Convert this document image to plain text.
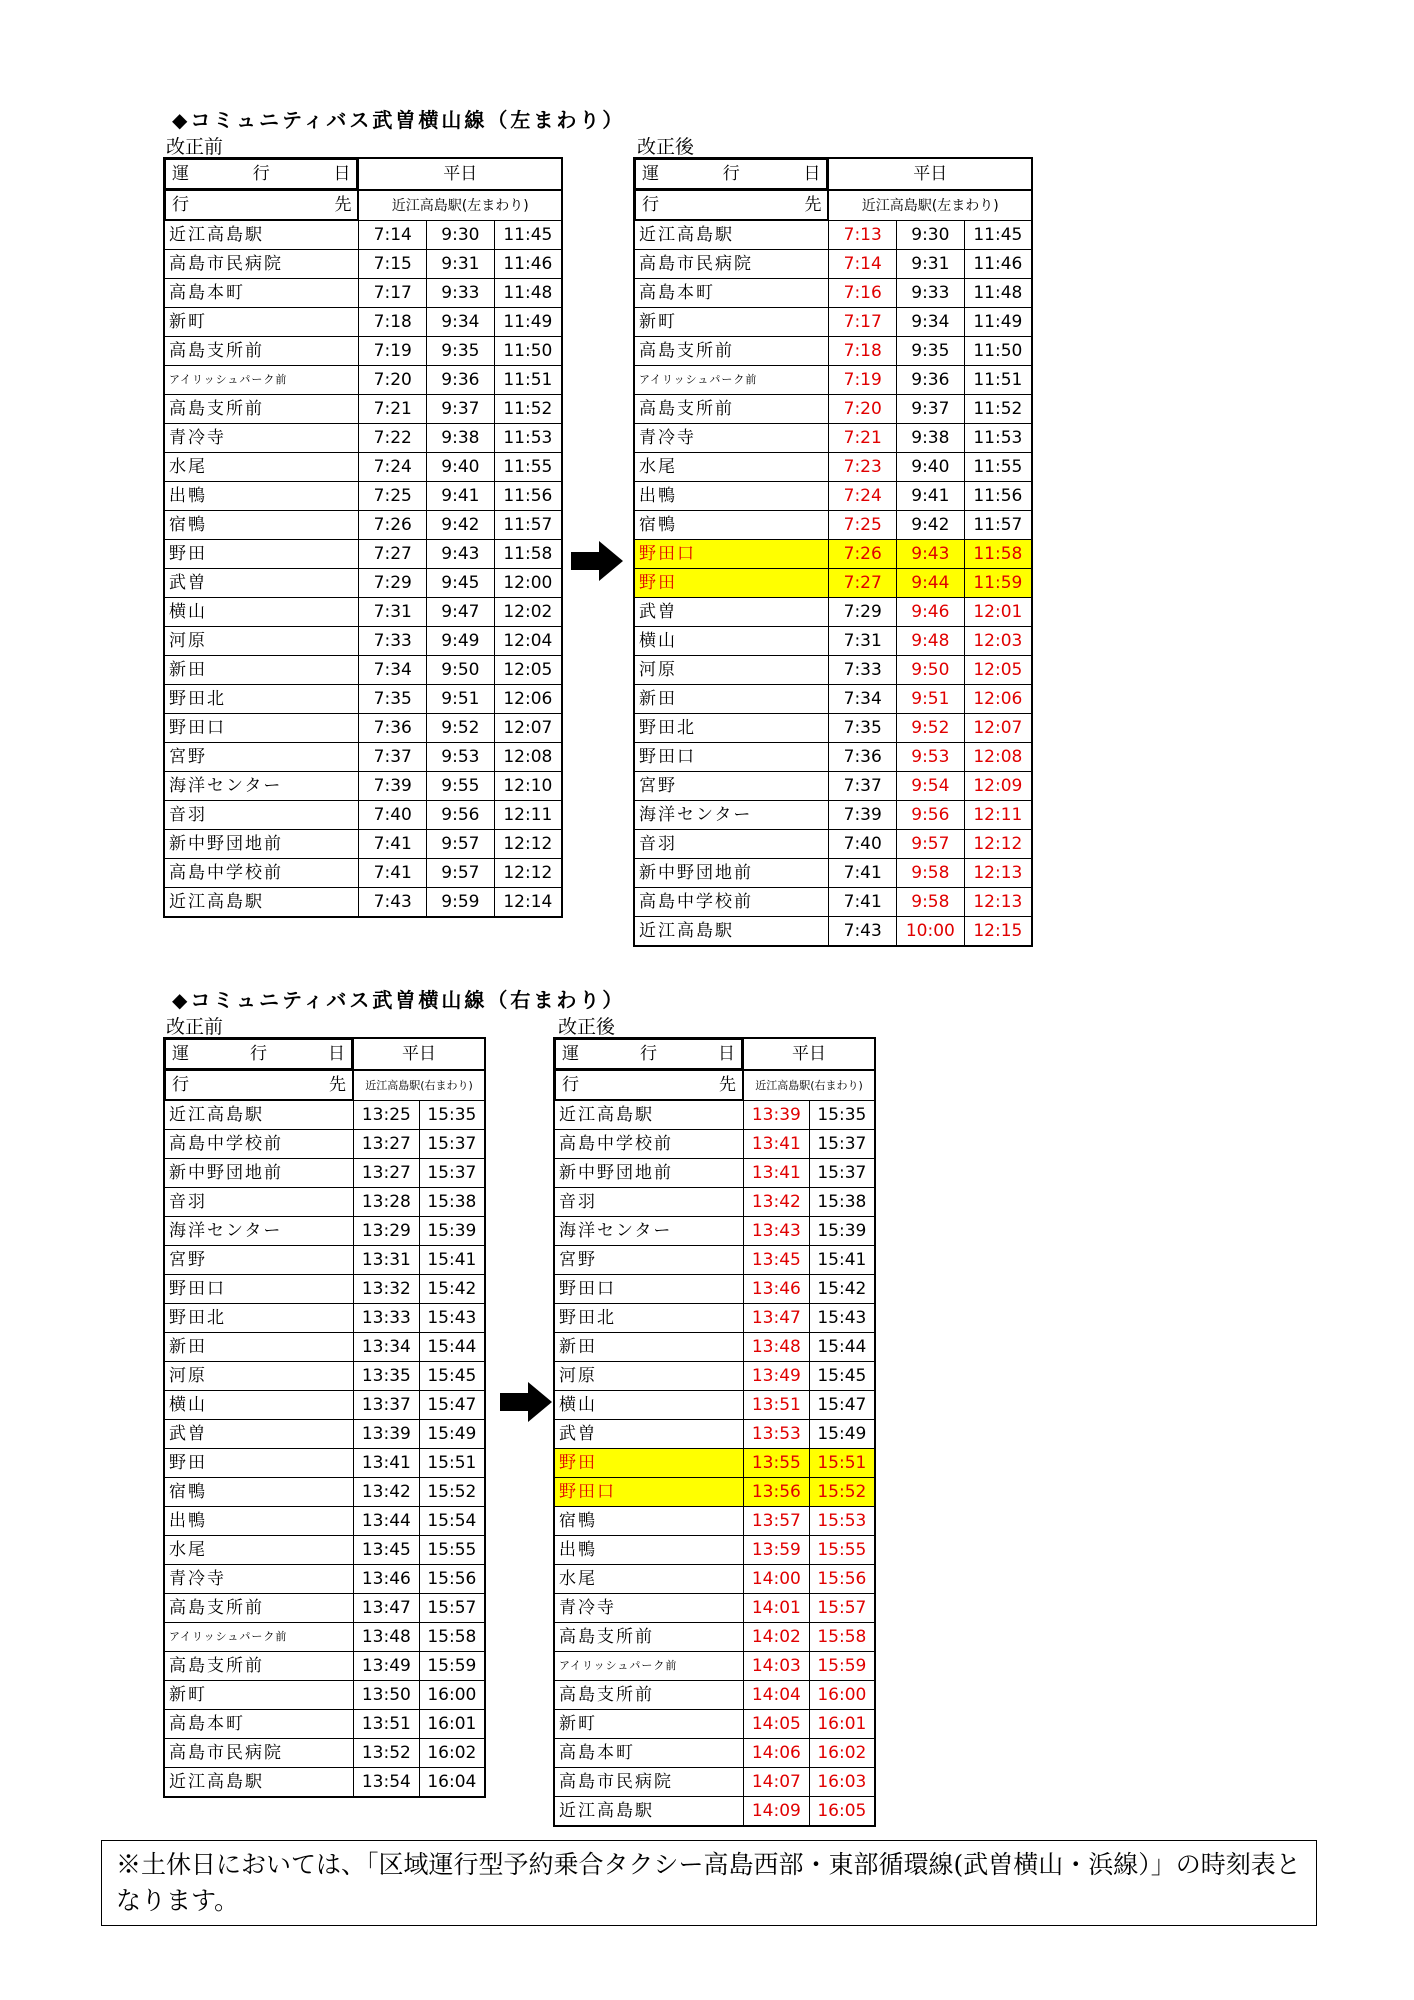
◆コミュニティバス武曽横山線（左まわり）
改正前	改正後
運	行	日	平日		

行	先	近江高島駅(左まわり)		
近江高島駅	7:14	9:30	11:45
高島市民病院	7:15	9:31	11:46
高島本町	7:17	9:33	11:48
新町	7:18	9:34	11:49
高島支所前	7:19	9:35	11:50
アイリッシュパーク前	7:20	9:36	11:51
高島支所前	7:21	9:37	11:52
青冷寺	7:22	9:38	11:53
水尾	7:24	9:40	11:55
出鴨	7:25	9:41	11:56
宿鴨	7:26	9:42	11:57
野田	7:27	9:43	11:58
武曽	7:29	9:45	12:00
横山	7:31	9:47	12:02
河原	7:33	9:49	12:04
新田	7:34	9:50	12:05
野田北	7:35	9:51	12:06
野田口	7:36	9:52	12:07
宮野	7:37	9:53	12:08
海洋センター	7:39	9:55	12:10
音羽	7:40	9:56	12:11
新中野団地前	7:41	9:57	12:12
高島中学校前	7:41	9:57	12:12
近江高島駅	7:43	9:59	12:14
運	行	日	平日		

行	先	近江高島駅(左まわり)		
近江高島駅	7:13	9:30	11:45
高島市民病院	7:14	9:31	11:46
高島本町	7:16	9:33	11:48
新町	7:17	9:34	11:49
高島支所前	7:18	9:35	11:50
アイリッシュパーク前	7:19	9:36	11:51
高島支所前	7:20	9:37	11:52
青冷寺	7:21	9:38	11:53
水尾	7:23	9:40	11:55
出鴨	7:24	9:41	11:56
宿鴨	7:25	9:42	11:57
野田口	7:26	9:43	11:58
野田	7:27	9:44	11:59
武曽	7:29	9:46	12:01
横山	7:31	9:48	12:03
河原	7:33	9:50	12:05
新田	7:34	9:51	12:06
野田北	7:35	9:52	12:07
野田口	7:36	9:53	12:08
宮野	7:37	9:54	12:09
海洋センター	7:39	9:56	12:11
音羽	7:40	9:57	12:12
新中野団地前	7:41	9:58	12:13
高島中学校前	7:41	9:58	12:13
近江高島駅	7:43	10:00	12:15
◆コミュニティバス武曽横山線（右まわり）
改正前	改正後
運	行	日	平日	

行	先 近江高島駅(右まわり)	
近江高島駅	13:25	15:35
高島中学校前	13:27	15:37
新中野団地前	13:27	15:37
音羽	13:28	15:38
海洋センター	13:29	15:39
宮野	13:31	15:41
野田口	13:32	15:42
野田北	13:33	15:43
新田	13:34	15:44
河原	13:35	15:45
横山	13:37	15:47
武曽	13:39	15:49
野田	13:41	15:51
宿鴨	13:42	15:52
出鴨	13:44	15:54
水尾	13:45	15:55
青冷寺	13:46	15:56
高島支所前	13:47	15:57
アイリッシュパーク前	13:48	15:58
高島支所前	13:49	15:59
新町	13:50	16:00
高島本町	13:51	16:01
高島市民病院	13:52	16:02
近江高島駅	13:54	16:04
運	行	日	平日	

行	先 近江高島駅(右まわり)	
近江高島駅	13:39	15:35
高島中学校前	13:41	15:37
新中野団地前	13:41	15:37
音羽	13:42	15:38
海洋センター	13:43	15:39
宮野	13:45	15:41
野田口	13:46	15:42
野田北	13:47	15:43
新田	13:48	15:44
河原	13:49	15:45
横山	13:51	15:47
武曽	13:53	15:49
野田	13:55	15:51
野田口	13:56	15:52
宿鴨	13:57	15:53
出鴨	13:59	15:55
水尾	14:00	15:56
青冷寺	14:01	15:57
高島支所前	14:02	15:58
アイリッシュパーク前	14:03	15:59
高島支所前	14:04	16:00
新町	14:05	16:01
高島本町	14:06	16:02
高島市民病院	14:07	16:03
近江高島駅	14:09	16:05
※土休日においては、「区域運行型予約乗合タクシー高島西部・東部循環線(武曽横山・浜線）」の時刻表となります。
